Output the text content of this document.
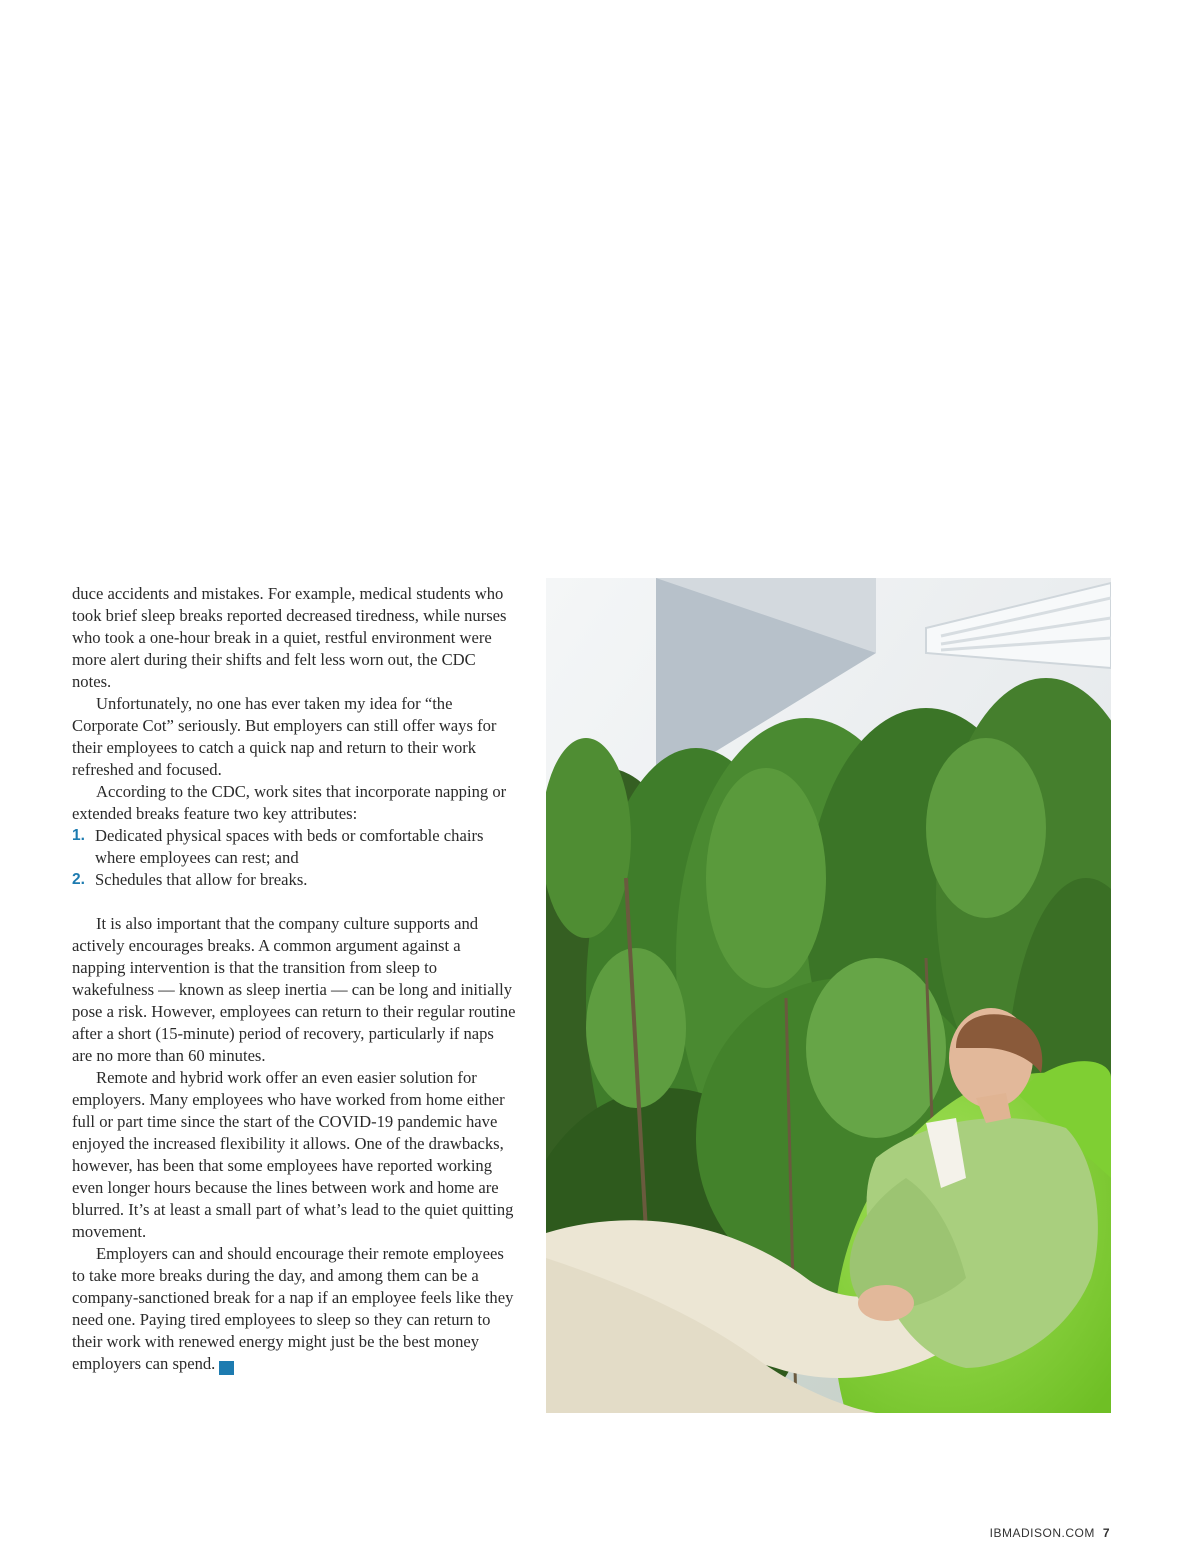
duce accidents and mistakes. For example, medical students who took brief sleep breaks reported decreased tiredness, while nurses who took a one-hour break in a quiet, restful environment were more alert during their shifts and felt less worn out, the CDC notes.

Unfortunately, no one has ever taken my idea for “the Corporate Cot” seriously. But employers can still offer ways for their employees to catch a quick nap and return to their work refreshed and focused.

According to the CDC, work sites that incorporate napping or extended breaks feature two key attributes:

1. Dedicated physical spaces with beds or comfortable chairs where employees can rest; and
2. Schedules that allow for breaks.

It is also important that the company culture supports and actively encourages breaks. A common argument against a napping intervention is that the transition from sleep to wakefulness — known as sleep inertia — can be long and initially pose a risk. However, employees can return to their regular routine after a short (15-minute) period of recovery, particularly if naps are no more than 60 minutes.

Remote and hybrid work offer an even easier solution for employers. Many employees who have worked from home either full or part time since the start of the COVID-19 pandemic have enjoyed the increased flexibility it allows. One of the drawbacks, however, has been that some employees have reported working even longer hours because the lines between work and home are blurred. It’s at least a small part of what’s lead to the quiet quitting movement.

Employers can and should encourage their remote employees to take more breaks during the day, and among them can be a company-sanctioned break for a nap if an employee feels like they need one. Paying tired employees to sleep so they can return to their work with renewed energy might just be the best money employers can spend.	IB

IBMADISON.COM 7
